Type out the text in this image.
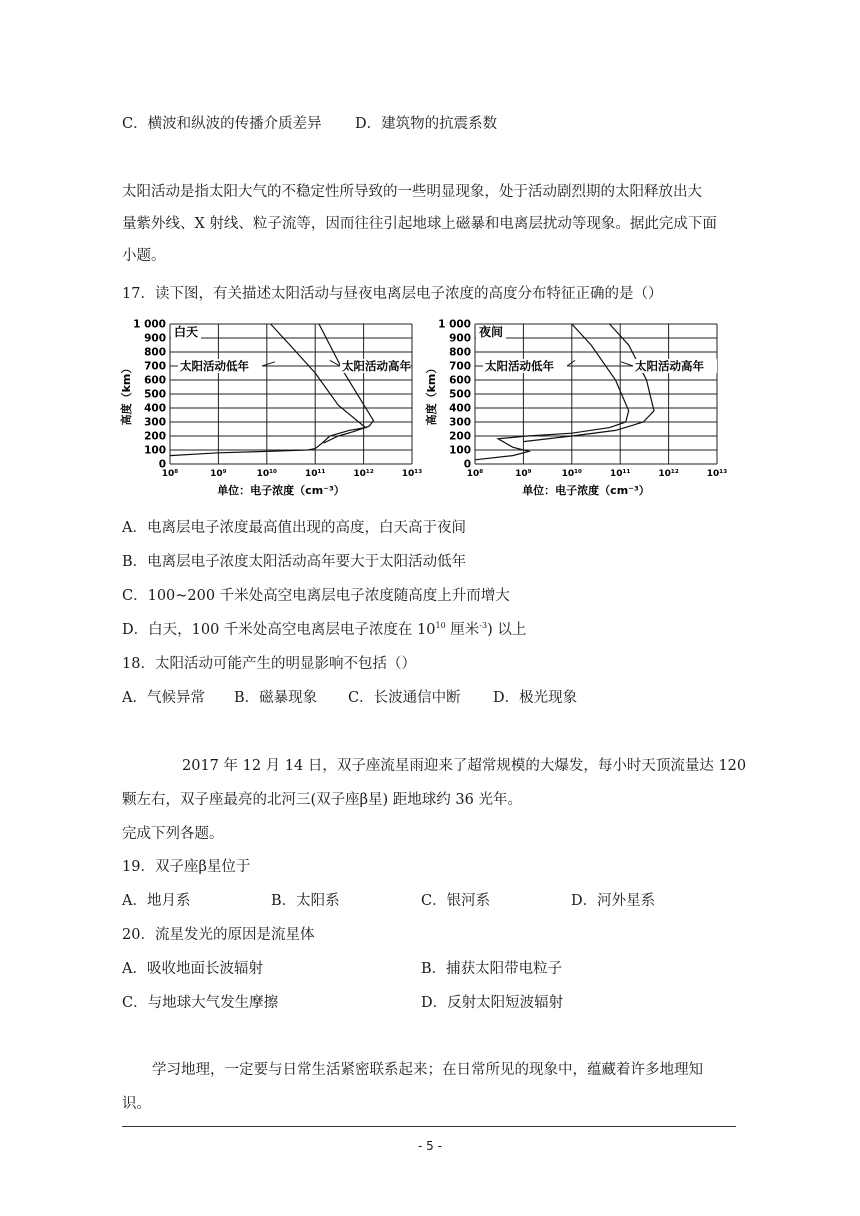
C．横波和纵波的传播介质差异 D．建筑物的抗震系数
太阳活动是指太阳大气的不稳定性所导致的一些明显现象，处于活动剧烈期的太阳释放出大
量紫外线、X 射线、粒子流等，因而往往引起地球上磁暴和电离层扰动等现象。据此完成下面
小题。
17．读下图，有关描述太阳活动与昼夜电离层电子浓度的高度分布特征正确的是（）
0
100
200
300
400
500
600
700
800
900
1 000
10⁸	10⁹	10¹⁰	10¹¹	10¹²	10¹³
单位：电子浓度（cm⁻³）
高度（km）
白天
太阳活动低年	太阳活动高年
0
100
200
300
400
500
600
700
800
900
1 000
10⁸	10⁹	10¹⁰	10¹¹	10¹²	10¹³
单位：电子浓度（cm⁻³）
高度（km）
夜间
太阳活动低年	太阳活动高年
A．电离层电子浓度最高值出现的高度，白天高于夜间
B．电离层电子浓度太阳活动高年要大于太阳活动低年
C．100~200 千米处高空电离层电子浓度随高度上升而增大
D．白天，100 千米处高空电离层电子浓度在 $10^{10}$ 厘米$^{-3}$) 以上
18．太阳活动可能产生的明显影响不包括（）
A．气候异常 B．磁暴现象 C．长波通信中断 D．极光现象
2017 年 12 月 14 日，双子座流星雨迎来了超常规模的大爆发，每小时天顶流量达 120
颗左右，双子座最亮的北河三(双子座β星) 距地球约 36 光年。
完成下列各题。
19．双子座β星位于
A．地月系	B．太阳系	C．银河系	D．河外星系
20．流星发光的原因是流星体
A．吸收地面长波辐射	B．捕获太阳带电粒子
C．与地球大气发生摩擦	D．反射太阳短波辐射
学习地理，一定要与日常生活紧密联系起来；在日常所见的现象中，蕴藏着许多地理知
识。
- 5 -
